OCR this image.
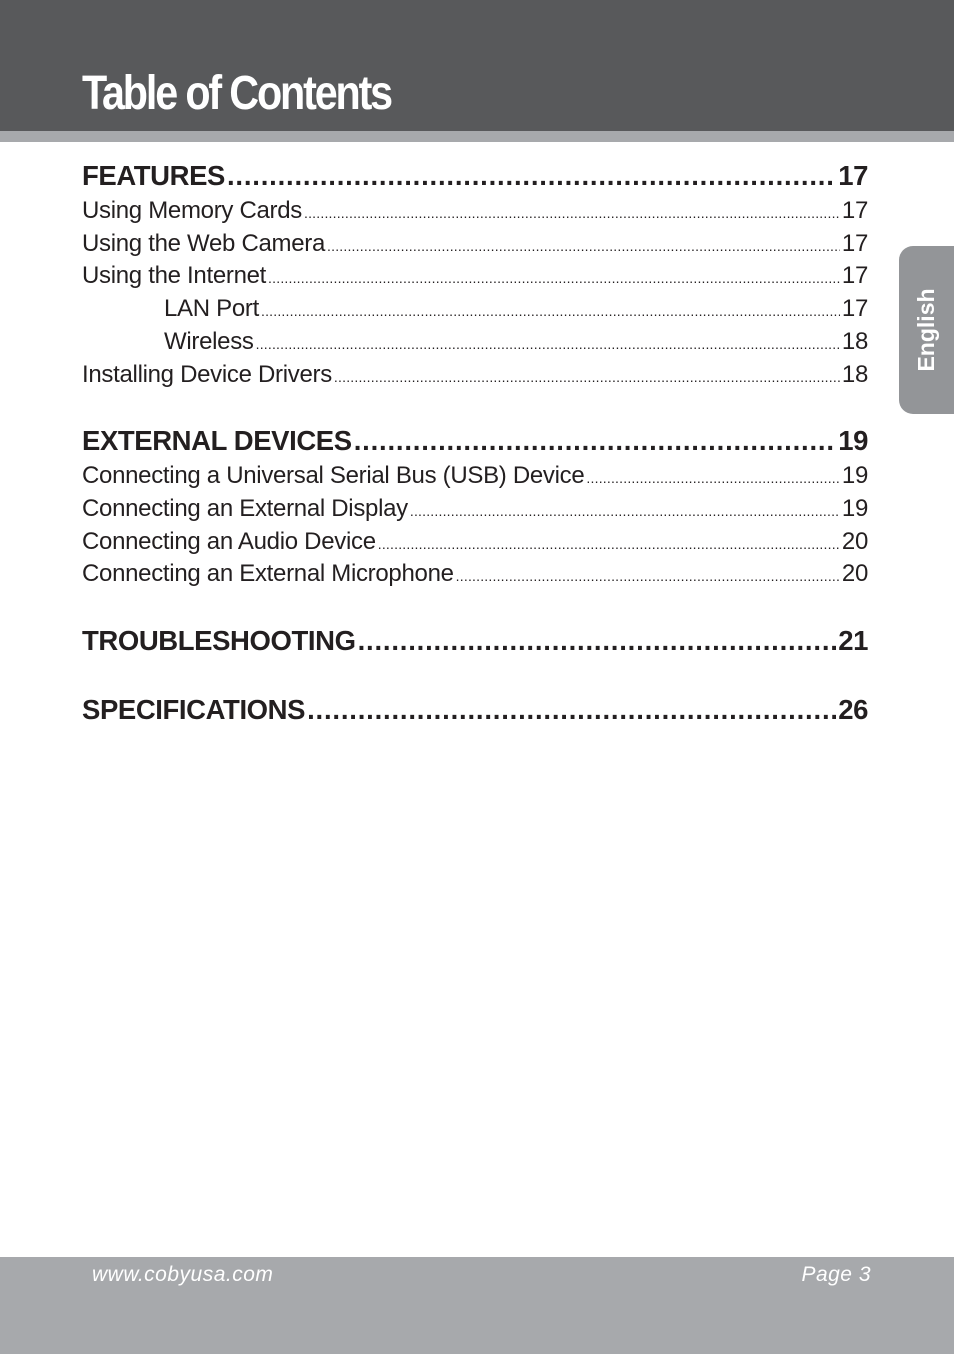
Table of Contents
English
FEATURES .....	17
Using Memory Cards .....	17
Using the Web Camera .....	17
Using the Internet .....	17
LAN Port .....	17
Wireless .....	18
Installing Device Drivers .....	18
EXTERNAL DEVICES .....	19
Connecting a Universal Serial Bus (USB) Device .....	19
Connecting an External Display .....	19
Connecting an Audio Device .....	20
Connecting an External Microphone .....	20
TROUBLESHOOTING .....	21
SPECIFICATIONS .....	26
www.cobyusa.com	Page 3
